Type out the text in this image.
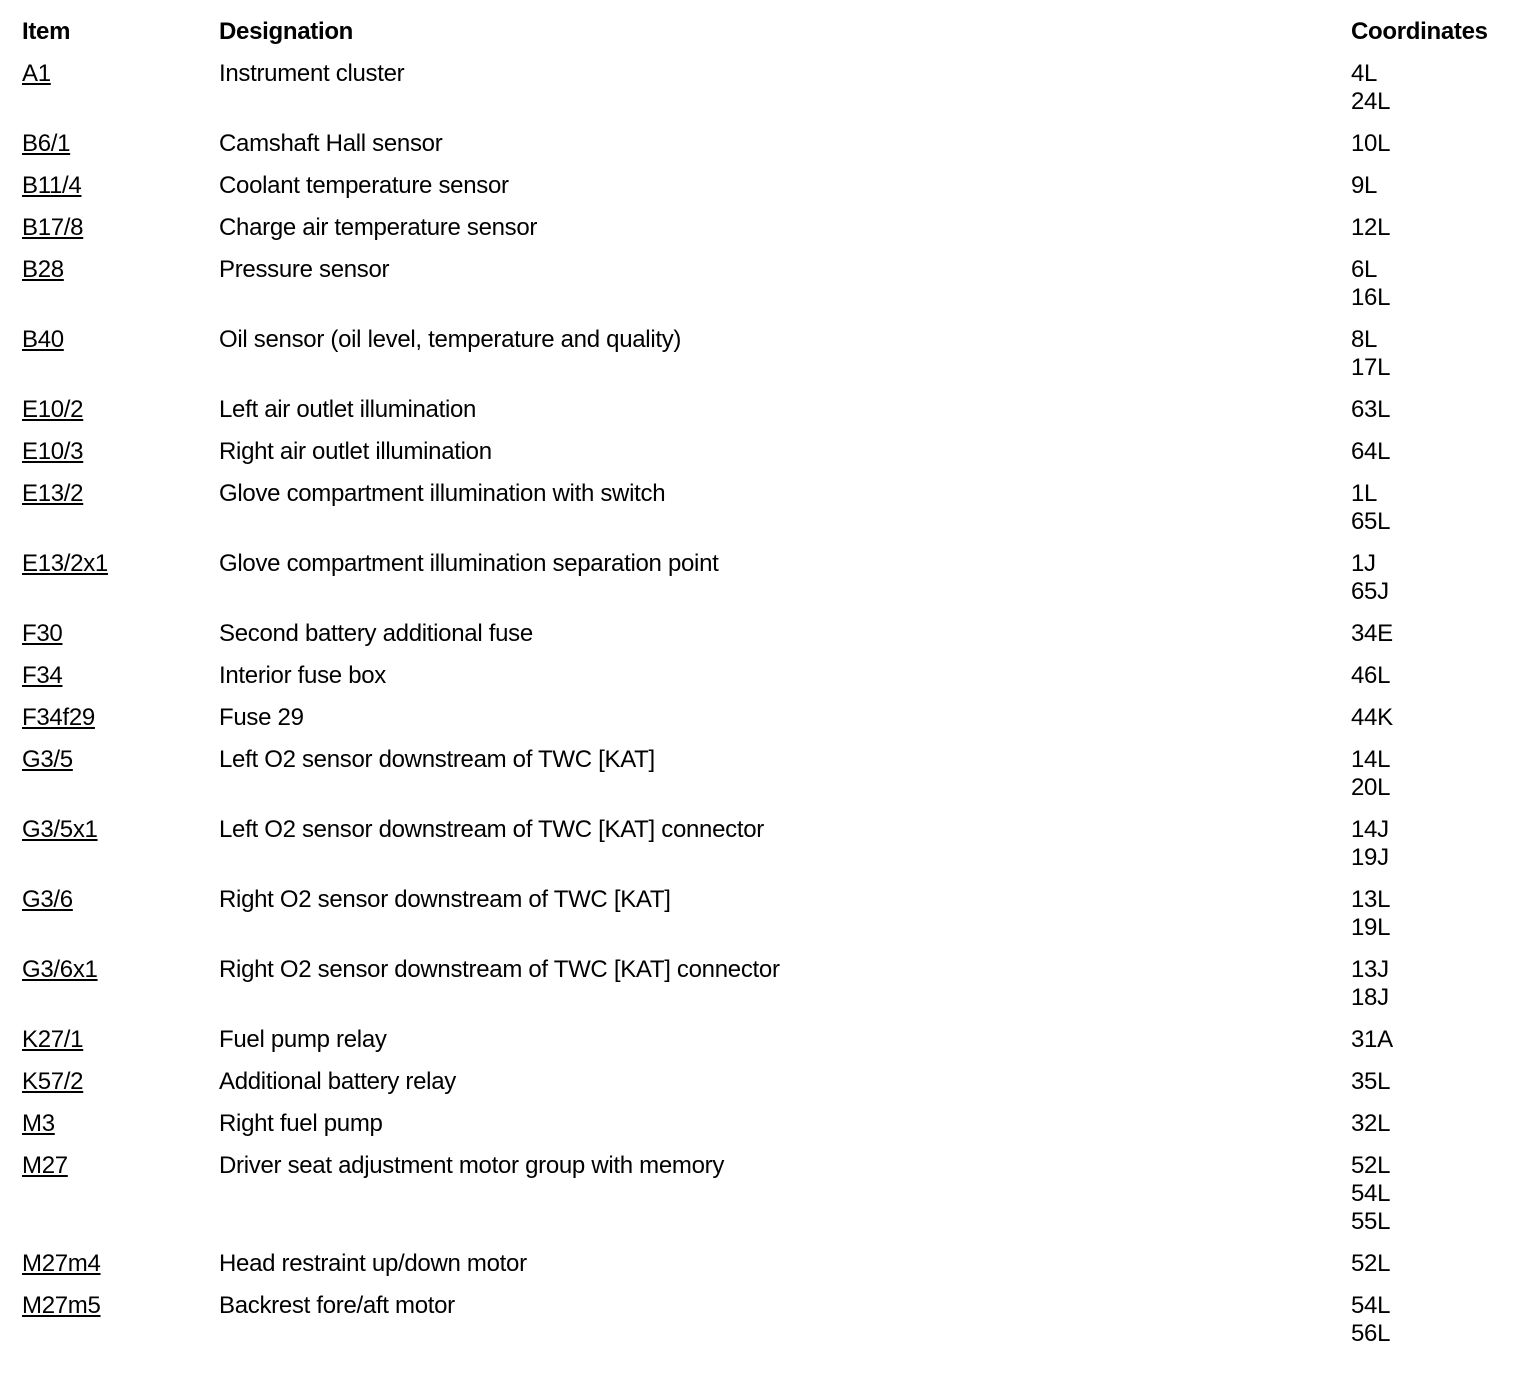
Item	Designation	Coordinates
A1	Instrument cluster	4L
24L
B6/1	Camshaft Hall sensor	10L
B11/4	Coolant temperature sensor	9L
B17/8	Charge air temperature sensor	12L
B28	Pressure sensor	6L
16L
B40	Oil sensor (oil level, temperature and quality)	8L
17L
E10/2	Left air outlet illumination	63L
E10/3	Right air outlet illumination	64L
E13/2	Glove compartment illumination with switch	1L
65L
E13/2x1	Glove compartment illumination separation point	1J
65J
F30	Second battery additional fuse	34E
F34	Interior fuse box	46L
F34f29	Fuse 29	44K
G3/5	Left O2 sensor downstream of TWC [KAT]	14L
20L
G3/5x1	Left O2 sensor downstream of TWC [KAT] connector	14J
19J
G3/6	Right O2 sensor downstream of TWC [KAT]	13L
19L
G3/6x1	Right O2 sensor downstream of TWC [KAT] connector	13J
18J
K27/1	Fuel pump relay	31A
K57/2	Additional battery relay	35L
M3	Right fuel pump	32L
M27	Driver seat adjustment motor group with memory	52L
54L
55L
M27m4	Head restraint up/down motor	52L
M27m5	Backrest fore/aft motor	54L
56L
